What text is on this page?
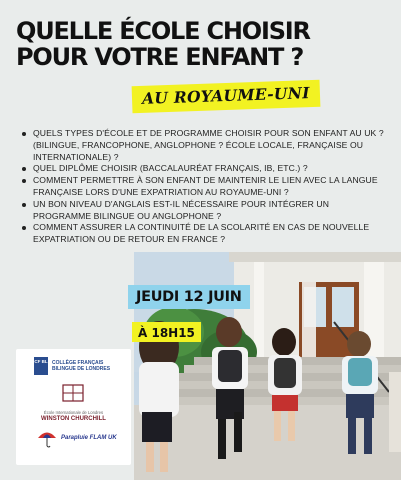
QUELLE ÉCOLE CHOISIR POUR VOTRE ENFANT ?
AU ROYAUME-UNI
QUELS TYPES D'ÉCOLE ET DE PROGRAMME CHOISIR POUR SON ENFANT AU UK ? (BILINGUE, FRANCOPHONE, ANGLOPHONE ? ÉCOLE LOCALE, FRANÇAISE OU INTERNATIONALE) ?
QUEL DIPLÔME CHOISIR (BACCALAURÉAT FRANÇAIS, IB, ETC.) ?
COMMENT PERMETTRE À SON ENFANT DE MAINTENIR LE LIEN AVEC LA LANGUE FRANÇAISE LORS D'UNE EXPATRIATION AU ROYAUME-UNI ?
UN BON NIVEAU D'ANGLAIS EST-IL NÉCESSAIRE POUR INTÉGRER UN PROGRAMME BILINGUE OU ANGLOPHONE ?
COMMENT ASSURER LA CONTINUITÉ DE LA SCOLARITÉ EN CAS DE NOUVELLE EXPATRIATION OU DE RETOUR EN FRANCE ?
JEUDI 12 JUIN
À 18H15
CF BL COLLÈGE FRANÇAIS BILINGUE DE LONDRES
École Internationale de Londres
WINSTON CHURCHILL
Parapluie FLAM UK
